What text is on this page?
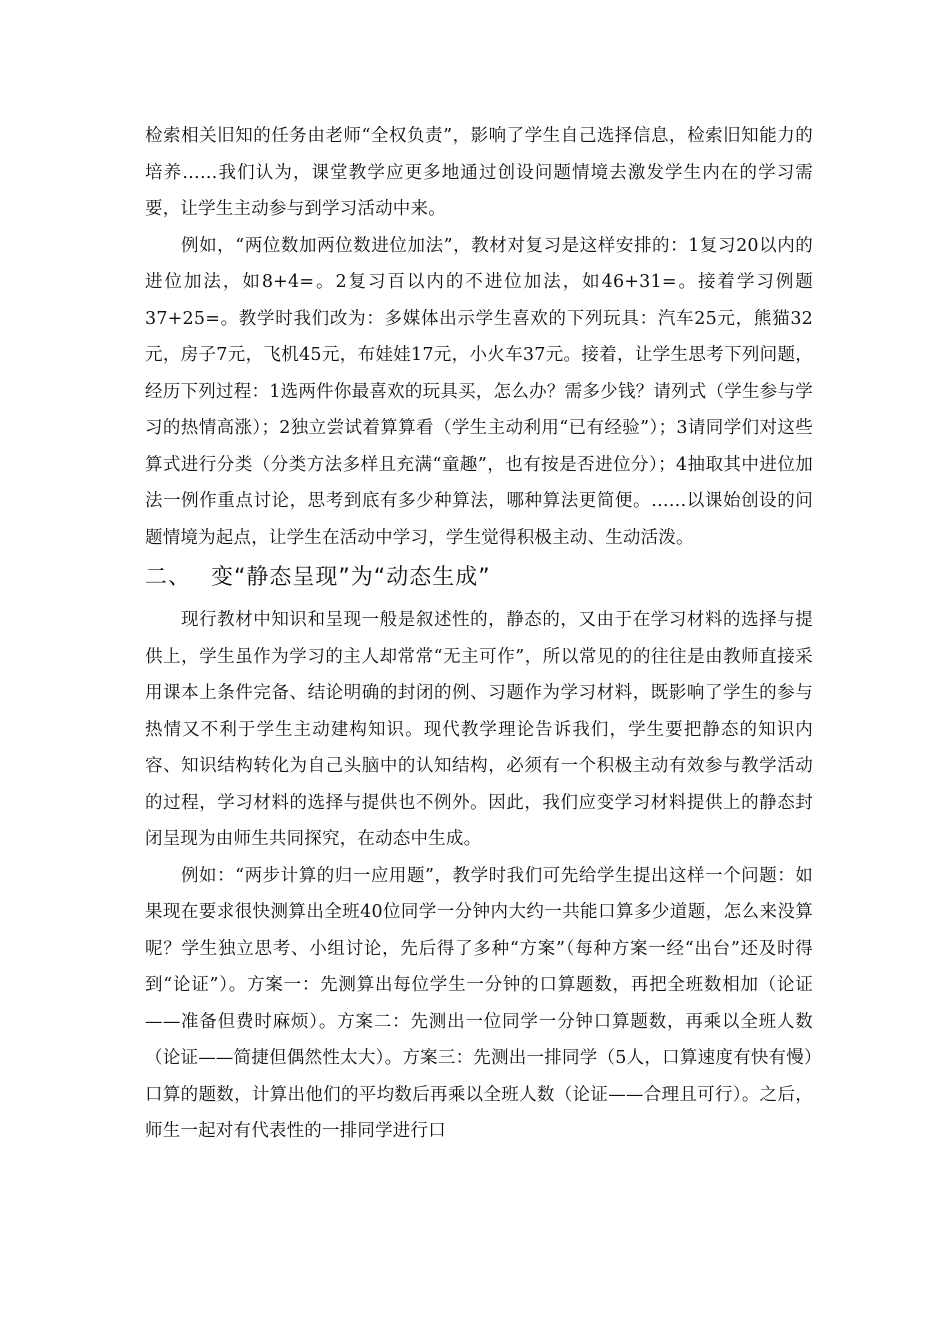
检索相关旧知的任务由老师“全权负责”，影响了学生自己选择信息，检索旧知能力的培养……我们认为，课堂教学应更多地通过创设问题情境去激发学生内在的学习需要，让学生主动参与到学习活动中来。

例如，“两位数加两位数进位加法”，教材对复习是这样安排的：1复习20以内的进位加法，如8+4=。2复习百以内的不进位加法，如46+31=。接着学习例题37+25=。教学时我们改为：多媒体出示学生喜欢的下列玩具：汽车25元，熊猫32元，房子7元，飞机45元，布娃娃17元，小火车37元。接着，让学生思考下列问题，经历下列过程：1选两件你最喜欢的玩具买，怎么办？需多少钱？请列式（学生参与学习的热情高涨）；2独立尝试着算算看（学生主动利用“已有经验”）；3请同学们对这些算式进行分类（分类方法多样且充满“童趣”，也有按是否进位分）；4抽取其中进位加法一例作重点讨论，思考到底有多少种算法，哪种算法更简便。……以课始创设的问题情境为起点，让学生在活动中学习，学生觉得积极主动、生动活泼。

二、 变“静态呈现”为“动态生成”

现行教材中知识和呈现一般是叙述性的，静态的，又由于在学习材料的选择与提供上，学生虽作为学习的主人却常常“无主可作”，所以常见的的往往是由教师直接采用课本上条件完备、结论明确的封闭的例、习题作为学习材料，既影响了学生的参与热情又不利于学生主动建构知识。现代教学理论告诉我们，学生要把静态的知识内容、知识结构转化为自己头脑中的认知结构，必须有一个积极主动有效参与教学活动的过程，学习材料的选择与提供也不例外。因此，我们应变学习材料提供上的静态封闭呈现为由师生共同探究，在动态中生成。

例如：“两步计算的归一应用题”，教学时我们可先给学生提出这样一个问题：如果现在要求很快测算出全班40位同学一分钟内大约一共能口算多少道题，怎么来没算呢？学生独立思考、小组讨论，先后得了多种“方案”（每种方案一经“出台”还及时得到“论证”）。方案一：先测算出每位学生一分钟的口算题数，再把全班数相加（论证——准备但费时麻烦）。方案二：先测出一位同学一分钟口算题数，再乘以全班人数（论证——简捷但偶然性太大）。方案三：先测出一排同学（5人，口算速度有快有慢）口算的题数，计算出他们的平均数后再乘以全班人数（论证——合理且可行）。之后，师生一起对有代表性的一排同学进行口
